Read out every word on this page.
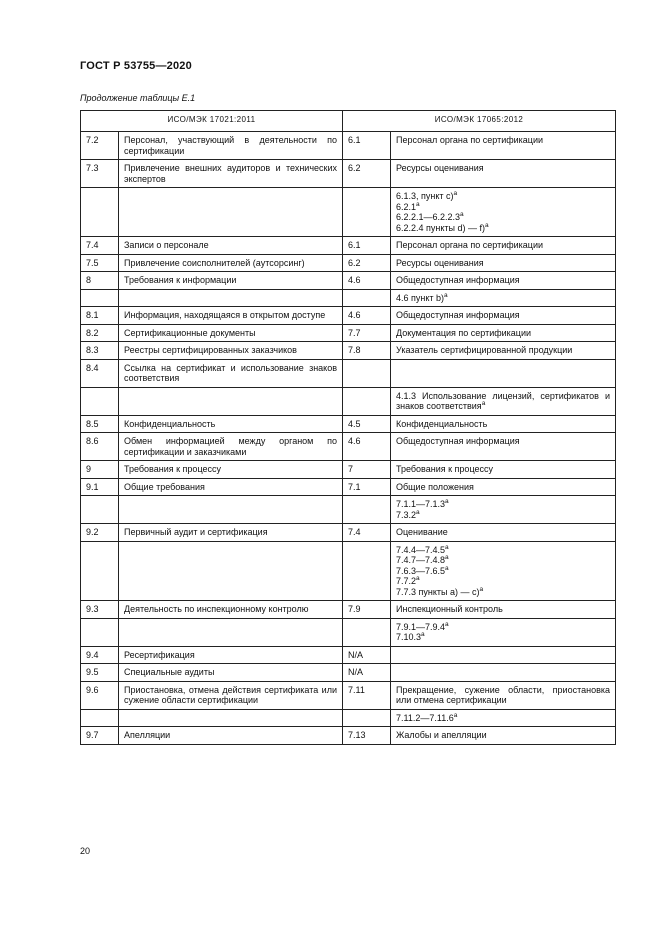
ГОСТ Р 53755—2020
Продолжение таблицы Е.1
ИСО/МЭК 17021:2011		ИСО/МЭК 17065:2012	
7.2	Персонал, участвующий в деятельности по сертификации	6.1	Персонал органа по сертификации

7.3	Привлечение внешних аудиторов и технических экспертов	6.2	Ресурсы оценивания

			6.1.3, пункт с)$^а$
$6.2.1^а$
$6.2.2.1—6.2.2.3^а$
6.2.2.4 пункты d) — f)$^а$

7.4	Записи о персонале	6.1	Персонал органа по сертификации

7.5	Привлечение соисполнителей (аутсорсинг)	6.2	Ресурсы оценивания

8	Требования к информации	4.6	Общедоступная информация

			4.6 пункт b)$^а$

8.1	Информация, находящаяся в открытом доступе	4.6	Общедоступная информация

8.2	Сертификационные документы	7.7	Документация по сертификации

8.3	Реестры сертифицированных заказчиков	7.8	Указатель сертифицированной продукции

8.4	Ссылка на сертификат и использование знаков соответствия		

			4.1.3 Использование лицензий, сертификатов и знаков соответствия$^а$

8.5	Конфиденциальность	4.5	Конфиденциальность

8.6	Обмен информацией между органом по сертификации и заказчиками	4.6	Общедоступная информация

9	Требования к процессу	7	Требования к процессу

9.1	Общие требования	7.1	Общие положения

			$7.1.1—7.1.3^а$
$7.3.2^а$

9.2	Первичный аудит и сертификация	7.4	Оценивание

			$7.4.4—7.4.5^а$
$7.4.7—7.4.8^а$
$7.6.3—7.6.5^а$
$7.7.2^а$
7.7.3 пункты а) — с)$^а$

9.3	Деятельность по инспекционному контролю	7.9	Инспекционный контроль

			$7.9.1—7.9.4^а$
$7.10.3^а$

9.4	Ресертификация	N/A	

9.5	Специальные аудиты	N/A	

9.6	Приостановка, отмена действия сертификата или сужение области сертификации	7.11	Прекращение, сужение области, приостановка или отмена сертификации

			$7.11.2—7.11.6^а$

9.7	Апелляции	7.13	Жалобы и апелляции
20
